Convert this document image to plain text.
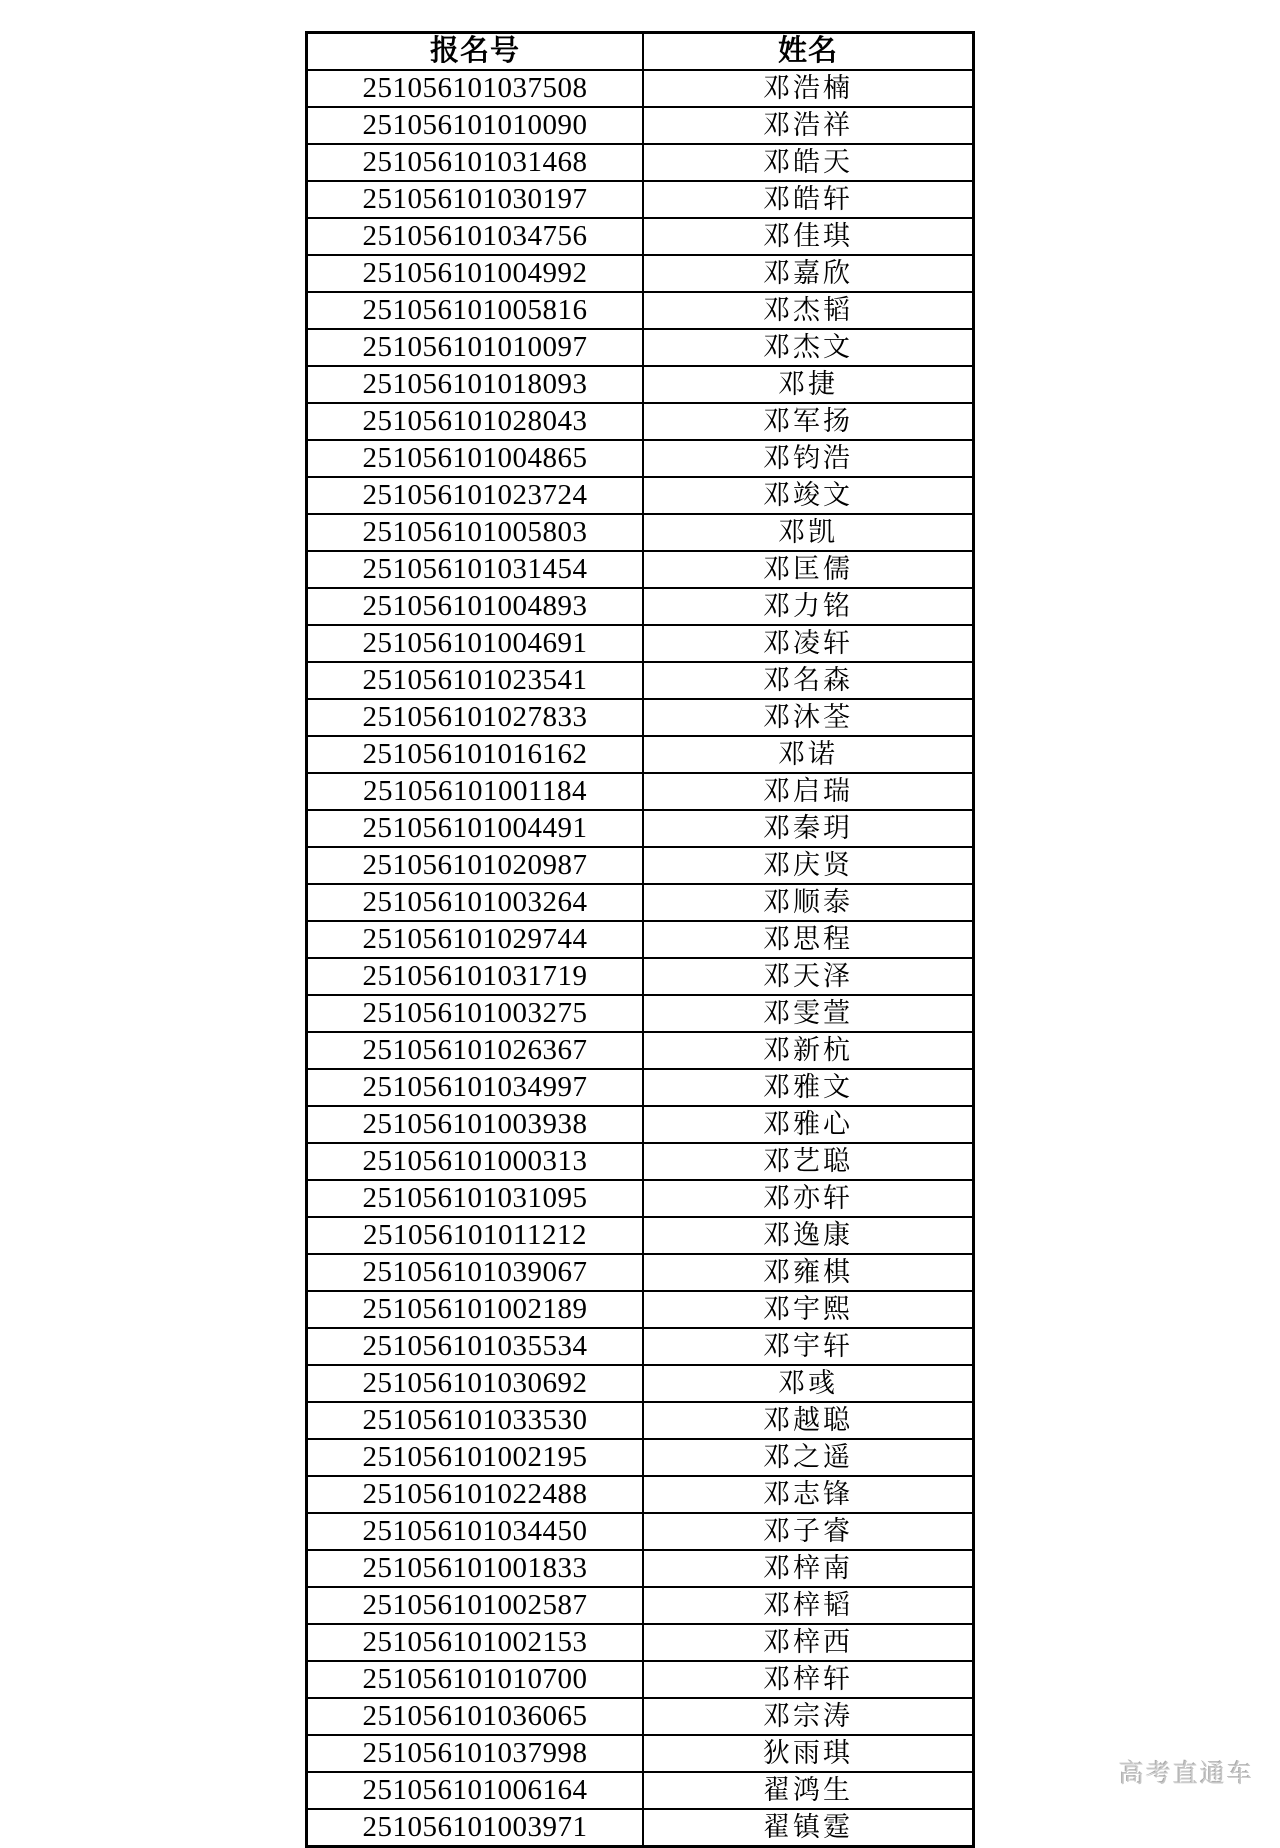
报名号	姓名
251056101037508	邓浩楠
251056101010090	邓浩祥
251056101031468	邓皓天
251056101030197	邓皓轩
251056101034756	邓佳琪
251056101004992	邓嘉欣
251056101005816	邓杰韬
251056101010097	邓杰文
251056101018093	邓捷
251056101028043	邓军扬
251056101004865	邓钧浩
251056101023724	邓竣文
251056101005803	邓凯
251056101031454	邓匡儒
251056101004893	邓力铭
251056101004691	邓凌轩
251056101023541	邓名森
251056101027833	邓沐荃
251056101016162	邓诺
251056101001184	邓启瑞
251056101004491	邓秦玥
251056101020987	邓庆贤
251056101003264	邓顺泰
251056101029744	邓思程
251056101031719	邓天泽
251056101003275	邓雯萱
251056101026367	邓新杭
251056101034997	邓雅文
251056101003938	邓雅心
251056101000313	邓艺聪
251056101031095	邓亦轩
251056101011212	邓逸康
251056101039067	邓雍棋
251056101002189	邓宇熙
251056101035534	邓宇轩
251056101030692	邓彧
251056101033530	邓越聪
251056101002195	邓之遥
251056101022488	邓志锋
251056101034450	邓子睿
251056101001833	邓梓南
251056101002587	邓梓韬
251056101002153	邓梓西
251056101010700	邓梓轩
251056101036065	邓宗涛
251056101037998	狄雨琪
251056101006164	翟鸿生
251056101003971	翟镇霆
高考直通车
